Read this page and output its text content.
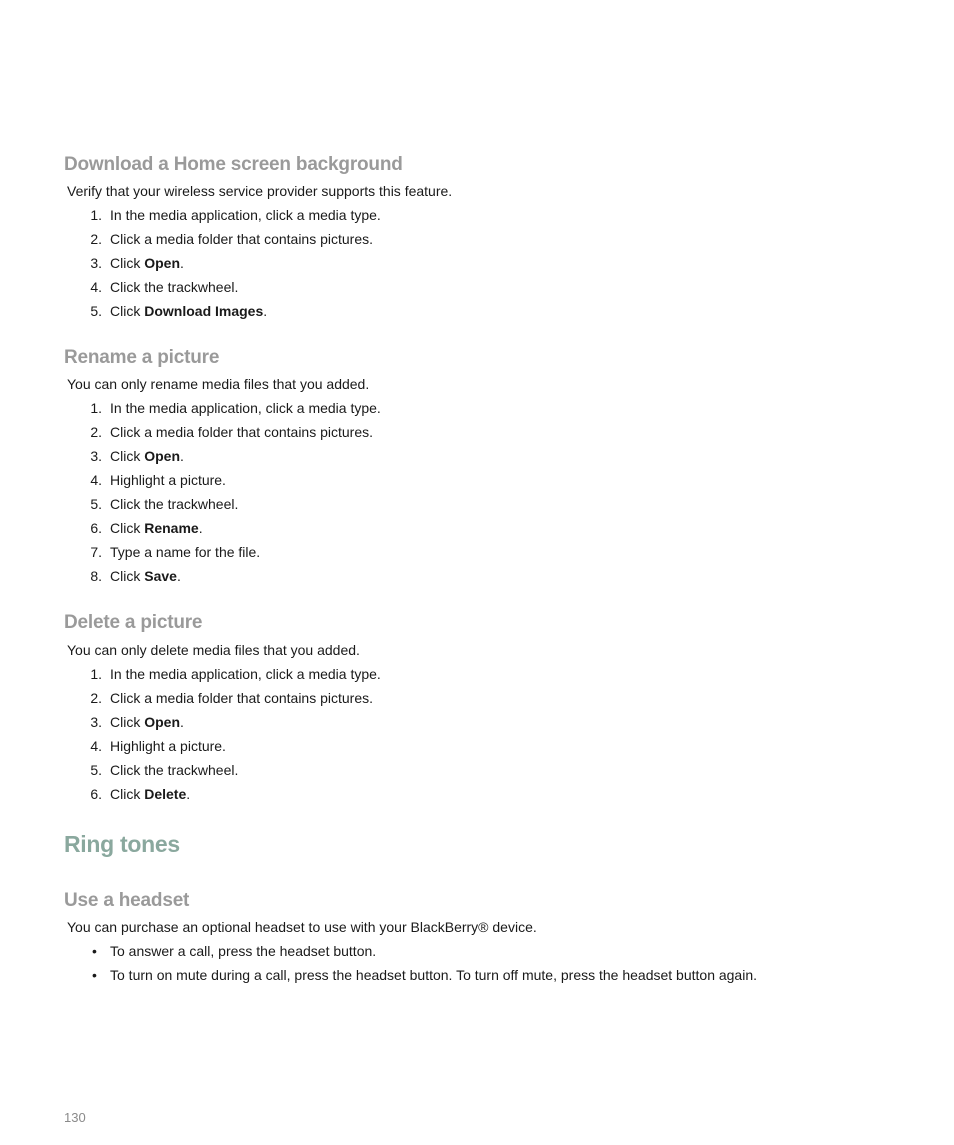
Download a Home screen background

Verify that your wireless service provider supports this feature.

1. In the media application, click a media type.
2. Click a media folder that contains pictures.
3. Click Open.
4. Click the trackwheel.
5. Click Download Images.
Rename a picture

You can only rename media files that you added.

1. In the media application, click a media type.
2. Click a media folder that contains pictures.
3. Click Open.
4. Highlight a picture.
5. Click the trackwheel.
6. Click Rename.
7. Type a name for the file.
8. Click Save.
Delete a picture

You can only delete media files that you added.

1. In the media application, click a media type.
2. Click a media folder that contains pictures.
3. Click Open.
4. Highlight a picture.
5. Click the trackwheel.
6. Click Delete.
Ring tones
Use a headset

You can purchase an optional headset to use with your BlackBerry® device.

• To answer a call, press the headset button.
• To turn on mute during a call, press the headset button. To turn off mute, press the headset button again.
130
